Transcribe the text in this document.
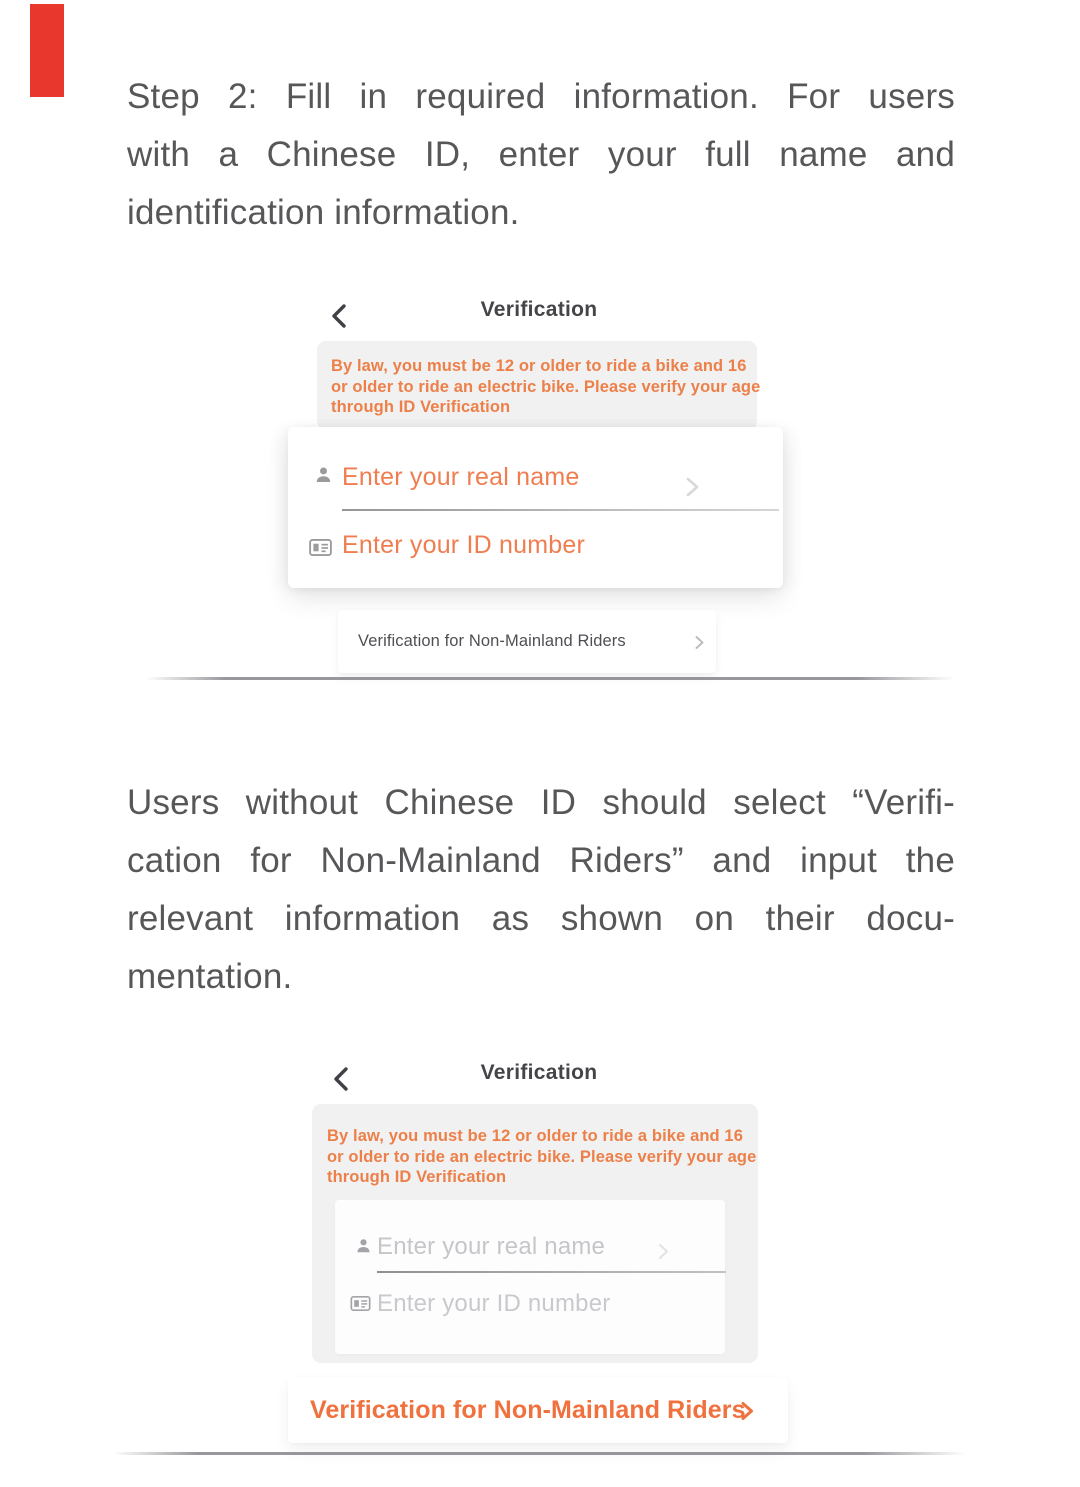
Step 2: Fill in required information. For users
with a Chinese ID, enter your full name and
identification information.
Verification
By law, you must be 12 or older to ride a bike and 16
or older to ride an electric bike. Please verify your age
through ID Verification
Enter your real name
Enter your ID number
Verification for Non-Mainland Riders
Users without Chinese ID should select “Verifi-
cation for Non-Mainland Riders” and input the
relevant information as shown on their docu-
mentation.
Verification
By law, you must be 12 or older to ride a bike and 16
or older to ride an electric bike. Please verify your age
through ID Verification
Enter your real name
Enter your ID number
Verification for Non-Mainland Riders
